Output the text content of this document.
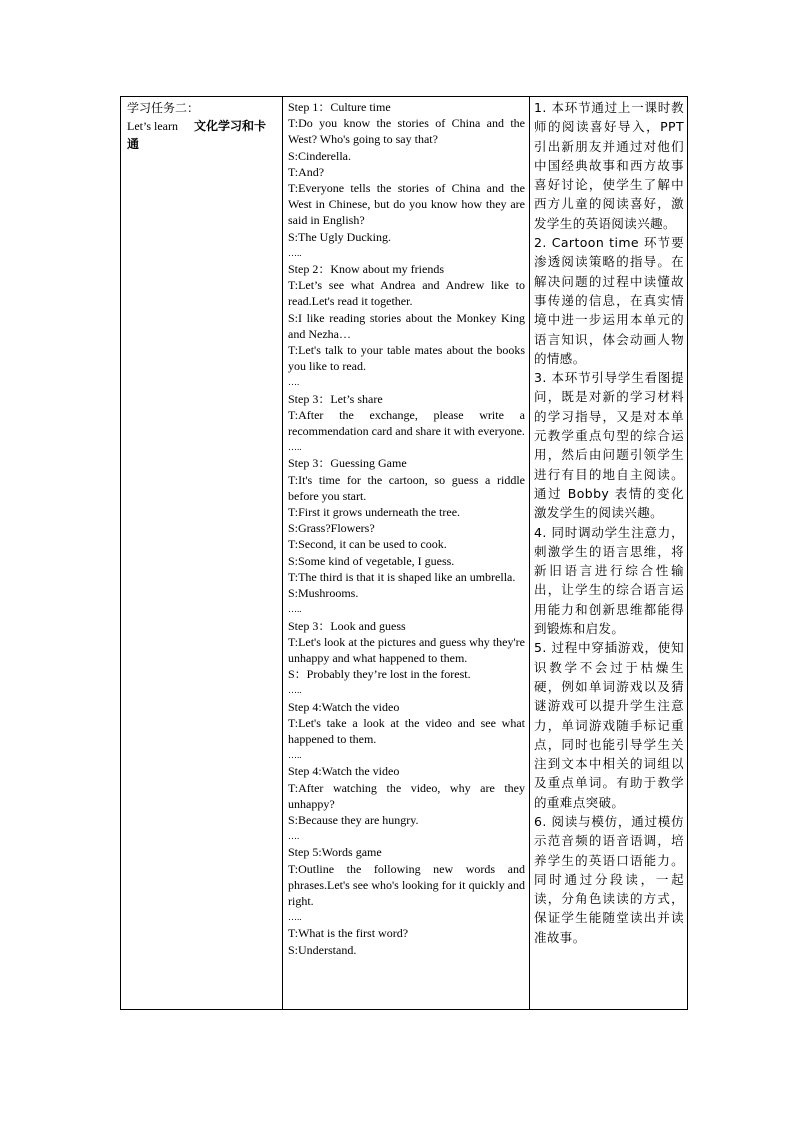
学习任务二：
Let’s learn 文化学习和卡通
Step 1：Culture time
T:Do you know the stories of China and the West? Who's going to say that?
S:Cinderella.
T:And?
T:Everyone tells the stories of China and the West in Chinese, but do you know how they are said in English?
S:The Ugly Ducking.
…..
Step 2：Know about my friends
T:Let’s see what Andrea and Andrew like to read.Let's read it together.
S:I like reading stories about the Monkey King and Nezha…
T:Let's talk to your table mates about the books you like to read.
….
Step 3：Let’s share
T:After the exchange, please write a recommendation card and share it with everyone.
…..
Step 3：Guessing Game
T:It's time for the cartoon, so guess a riddle before you start.
T:First it grows underneath the tree.
S:Grass?Flowers?
T:Second, it can be used to cook.
S:Some kind of vegetable, I guess.
T:The third is that it is shaped like an umbrella.
S:Mushrooms.
…..
Step 3：Look and guess
T:Let's look at the pictures and guess why they're unhappy and what happened to them.
S：Probably they’re lost in the forest.
…..
Step 4:Watch the video
T:Let's take a look at the video and see what happened to them.
…..
Step 4:Watch the video
T:After watching the video, why are they unhappy?
S:Because they are hungry.
….
Step 5:Words game
T:Outline the following new words and phrases.Let's see who's looking for it quickly and right.
…..
T:What is the first word?
S:Understand.

1. 本环节通过上一课时教师的阅读喜好导入，PPT 引出新朋友并通过对他们中国经典故事和西方故事喜好讨论，使学生了解中西方儿童的阅读喜好，激发学生的英语阅读兴趣。

2. Cartoon time 环节要渗透阅读策略的指导。在解决问题的过程中读懂故事传递的信息，在真实情境中进一步运用本单元的语言知识，体会动画人物的情感。

3. 本环节引导学生看图提问，既是对新的学习材料的学习指导，又是对本单元教学重点句型的综合运用，然后由问题引领学生进行有目的地自主阅读。通过 Bobby 表情的变化激发学生的阅读兴趣。

4. 同时调动学生注意力，刺激学生的语言思维，将新旧语言进行综合性输出，让学生的综合语言运用能力和创新思维都能得到锻炼和启发。

5. 过程中穿插游戏，使知识教学不会过于枯燥生硬，例如单词游戏以及猜谜游戏可以提升学生注意力，单词游戏随手标记重点，同时也能引导学生关注到文本中相关的词组以及重点单词。有助于教学的重难点突破。

6. 阅读与模仿，通过模仿示范音频的语音语调，培养学生的英语口语能力。同时通过分段读，一起读，分角色读读的方式，保证学生能随堂读出并读准故事。
